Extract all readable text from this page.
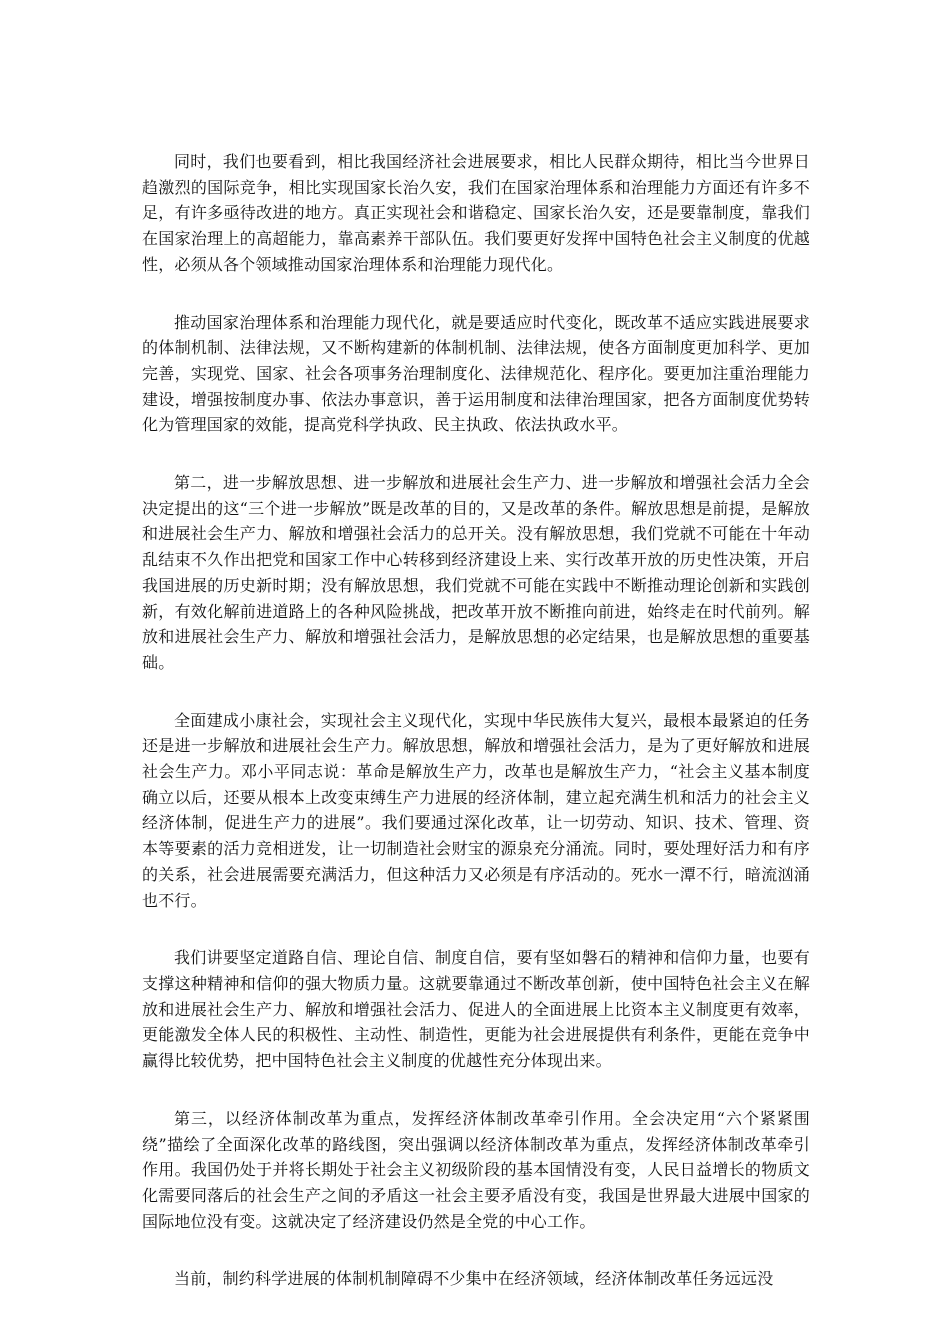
同时，我们也要看到，相比我国经济社会进展要求，相比人民群众期待，相比当今世界日趋激烈的国际竞争，相比实现国家长治久安，我们在国家治理体系和治理能力方面还有许多不足，有许多亟待改进的地方。真正实现社会和谐稳定、国家长治久安，还是要靠制度，靠我们在国家治理上的高超能力，靠高素养干部队伍。我们要更好发挥中国特色社会主义制度的优越性，必须从各个领域推动国家治理体系和治理能力现代化。

推动国家治理体系和治理能力现代化，就是要适应时代变化，既改革不适应实践进展要求的体制机制、法律法规，又不断构建新的体制机制、法律法规，使各方面制度更加科学、更加完善，实现党、国家、社会各项事务治理制度化、法律规范化、程序化。要更加注重治理能力建设，增强按制度办事、依法办事意识，善于运用制度和法律治理国家，把各方面制度优势转化为管理国家的效能，提高党科学执政、民主执政、依法执政水平。

第二，进一步解放思想、进一步解放和进展社会生产力、进一步解放和增强社会活力全会决定提出的这“三个进一步解放”既是改革的目的，又是改革的条件。解放思想是前提，是解放和进展社会生产力、解放和增强社会活力的总开关。没有解放思想，我们党就不可能在十年动乱结束不久作出把党和国家工作中心转移到经济建设上来、实行改革开放的历史性决策，开启我国进展的历史新时期；没有解放思想，我们党就不可能在实践中不断推动理论创新和实践创新，有效化解前进道路上的各种风险挑战，把改革开放不断推向前进，始终走在时代前列。解放和进展社会生产力、解放和增强社会活力，是解放思想的必定结果，也是解放思想的重要基础。

全面建成小康社会，实现社会主义现代化，实现中华民族伟大复兴，最根本最紧迫的任务还是进一步解放和进展社会生产力。解放思想，解放和增强社会活力，是为了更好解放和进展社会生产力。邓小平同志说：革命是解放生产力，改革也是解放生产力，“社会主义基本制度确立以后，还要从根本上改变束缚生产力进展的经济体制，建立起充满生机和活力的社会主义经济体制，促进生产力的进展”。我们要通过深化改革，让一切劳动、知识、技术、管理、资本等要素的活力竞相迸发，让一切制造社会财宝的源泉充分涌流。同时，要处理好活力和有序的关系，社会进展需要充满活力，但这种活力又必须是有序活动的。死水一潭不行，暗流汹涌也不行。

我们讲要坚定道路自信、理论自信、制度自信，要有坚如磐石的精神和信仰力量，也要有支撑这种精神和信仰的强大物质力量。这就要靠通过不断改革创新，使中国特色社会主义在解放和进展社会生产力、解放和增强社会活力、促进人的全面进展上比资本主义制度更有效率，更能激发全体人民的积极性、主动性、制造性，更能为社会进展提供有利条件，更能在竞争中赢得比较优势，把中国特色社会主义制度的优越性充分体现出来。

第三，以经济体制改革为重点，发挥经济体制改革牵引作用。全会决定用“六个紧紧围绕”描绘了全面深化改革的路线图，突出强调以经济体制改革为重点，发挥经济体制改革牵引作用。我国仍处于并将长期处于社会主义初级阶段的基本国情没有变，人民日益增长的物质文化需要同落后的社会生产之间的矛盾这一社会主要矛盾没有变，我国是世界最大进展中国家的国际地位没有变。这就决定了经济建设仍然是全党的中心工作。

当前，制约科学进展的体制机制障碍不少集中在经济领域，经济体制改革任务远远没
